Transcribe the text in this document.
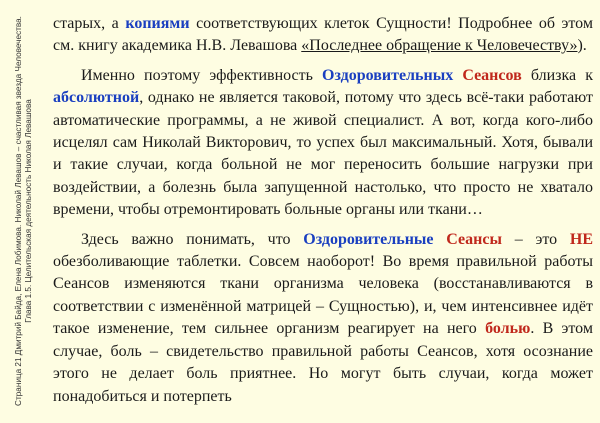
Страница 21 Дмитрий Байда, Елена Лобимова. Николай Левашов – счастливая звезда Человечества. Глава 1.5. Целительская деятельность Николая Левашова

старых, а копиями соответствующих клеток Сущности! Подробнее об этом см. книгу академика Н.В. Левашова «Последнее обращение к Человечеству»).

Именно поэтому эффективность Оздоровительных Сеансов близка к абсолютной, однако не является таковой, потому что здесь всё-таки работают автоматические программы, а не живой специалист. А вот, когда кого-либо исцелял сам Николай Викторович, то успех был максимальный. Хотя, бывали и такие случаи, когда больной не мог переносить большие нагрузки при воздействии, а болезнь была запущенной настолько, что просто не хватало времени, чтобы отремонтировать больные органы или ткани…

Здесь важно понимать, что Оздоровительные Сеансы – это НЕ обезболивающие таблетки. Совсем наоборот! Во время правильной работы Сеансов изменяются ткани организма человека (восстанавливаются в соответствии с изменённой матрицей – Сущностью), и, чем интенсивнее идёт такое изменение, тем сильнее организм реагирует на него болью. В этом случае, боль – свидетельство правильной работы Сеансов, хотя осознание этого не делает боль приятнее. Но могут быть случаи, когда может понадобиться и потерпеть
